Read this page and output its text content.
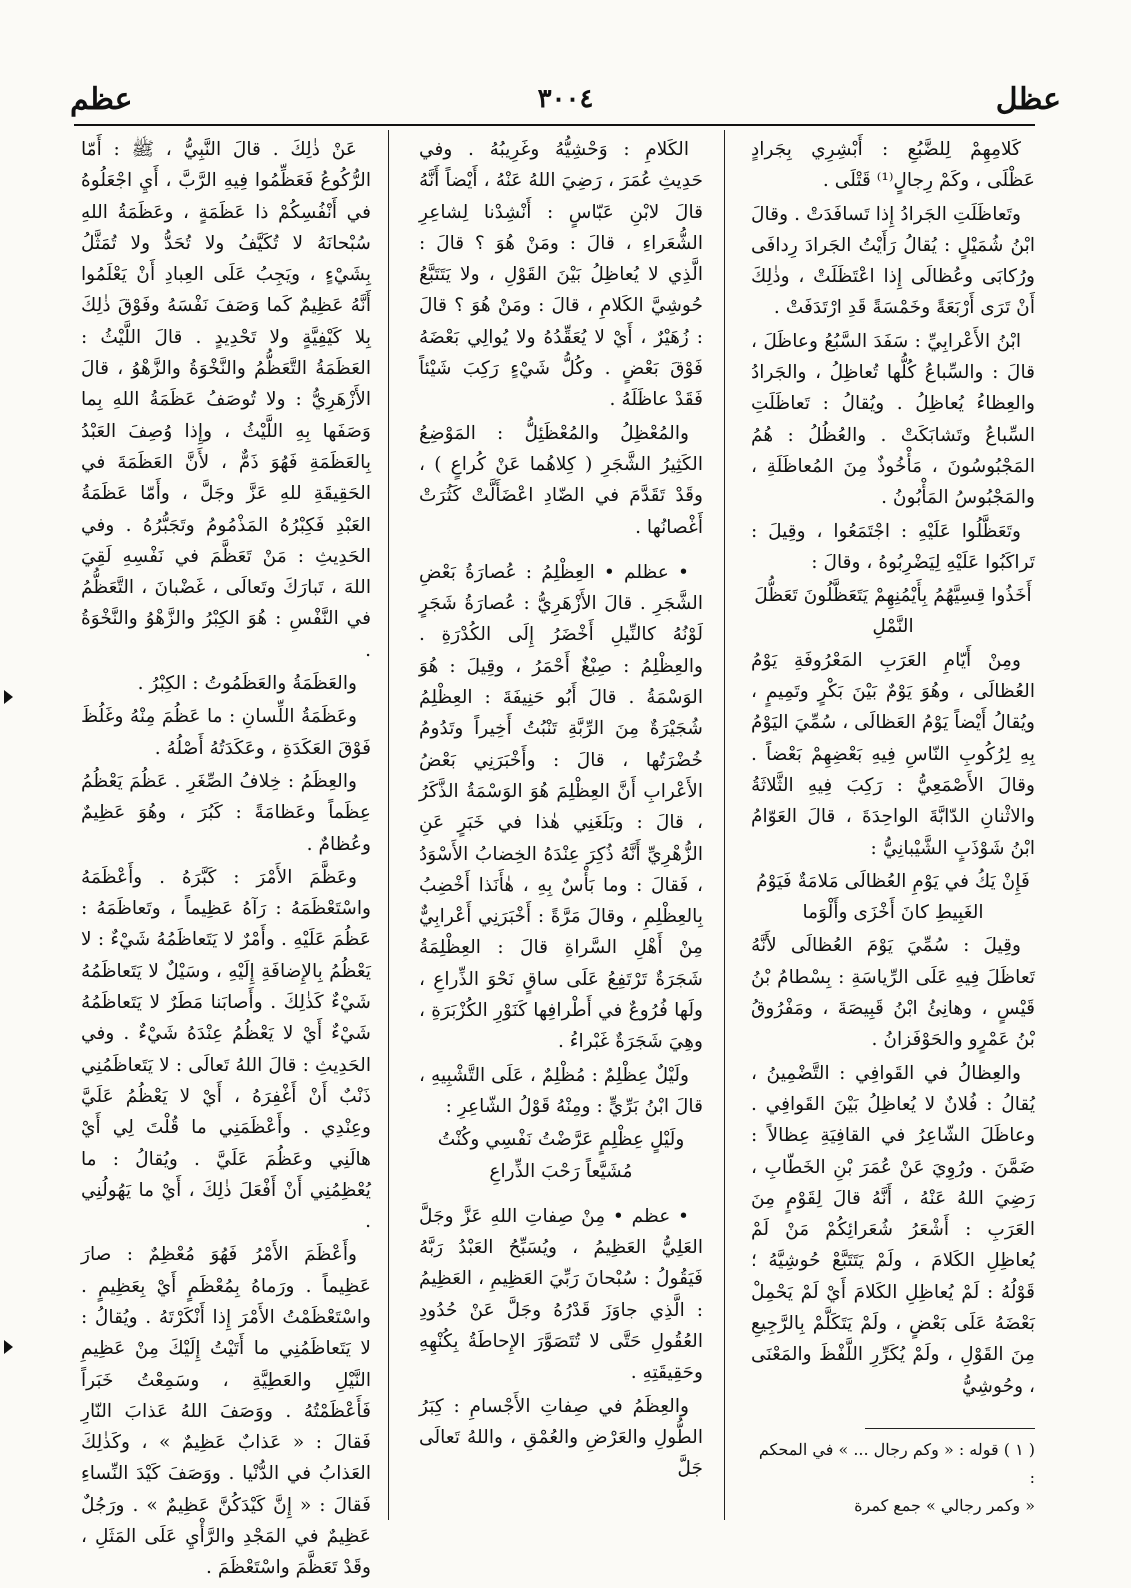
عظل
٣٠٠٤
عظم

كَلامِهِمْ لِلضَّبُعِ : أَبْشِرِي بِجَرادٍ عَظْلَى ، وكَمْ رِجالٍ⁽¹⁾ قَتْلَى .

وتَعاظَلَتِ الجَرادُ إِذا تَسافَدَتْ . وقالَ ابْنُ شُمَيْلٍ : يُقالُ رَأَيْتُ الجَرادَ رِدافَى ورُكابَى وعُظالَى إِذا اعْتَظَلَتْ ، وذٰلِكَ أَنْ تَرَى أَرْبَعَةً وخَمْسَةً قَدِ ارْتَدَفَتْ .

ابْنُ الأَعْرابِيِّ : سَفَدَ السَّبُعُ وعاظَلَ ، قالَ : والسِّباعُ كُلُّها تُعاظِلُ ، والجَرادُ والعِظاءُ يُعاظِلُ . ويُقالُ : تَعاظَلَتِ السِّباعُ وتَشابَكَتْ . والعُظُلُ : هُمُ المَجْبُوسُونَ ، مَأْخُوذٌ مِنَ المُعاظَلَةِ ، والمَجْبُوسُ المَأْبُونُ .

وتَعَظَّلُوا عَلَيْهِ : اجْتَمَعُوا ، وقِيلَ : تَراكَبُوا عَلَيْهِ لِيَضْرِبُوهُ ، وقالَ :

أَخَذُوا قِسِيَّهُمُ بِأَيْمُنِهِمْ يَتَعَظَّلُونَ تَعَظُّلَ النَّمْلِ

ومِنْ أَيّامِ العَرَبِ المَعْرُوفَةِ يَوْمُ العُظالَى ، وهُوَ يَوْمٌ بَيْنَ بَكْرٍ وتَمِيمٍ ، ويُقالُ أَيْضاً يَوْمُ العَظالَى ، سُمِّيَ اليَوْمُ بِهِ لِرُكُوبِ النّاسِ فِيهِ بَعْضِهِمْ بَعْضاً . وقالَ الأَصْمَعِيُّ : رَكِبَ فِيهِ الثَّلاثَةُ والاثْنانِ الدّابَّةَ الواحِدَةَ ، قالَ العَوّامُ ابْنُ شَوْذَبٍ الشَّيْبانِيُّ :

فَإِنْ يَكُ في يَوْمِ العُظالَى مَلامَةٌ فَيَوْمُ الغَبِيطِ كانَ أَخْزَى وأَلْوَما

وقِيلَ : سُمِّيَ يَوْمَ العُظالَى لأَنَّهُ تَعاظَلَ فِيهِ عَلَى الرِّياسَةِ : بِسْطامُ بْنُ قَيْسٍ ، وهانِئُ ابْنُ قَبِيصَةَ ، ومَفْرُوقُ بْنُ عَمْرٍو والحَوْفَزانُ .

والعِظالُ في القَوافِي : التَّضْمِينُ ، يُقالُ : فُلانٌ لا يُعاظِلُ بَيْنَ القَوافِي . وعاظَلَ الشّاعِرُ في القافِيَةِ عِظالاً : ضَمَّنَ . ورُوِيَ عَنْ عُمَرَ بْنِ الخَطّابِ ، رَضِيَ اللهُ عَنْهُ ، أَنَّهُ قالَ لِقَوْمٍ مِنَ العَرَبِ : أَشْعَرُ شُعَرائِكُمْ مَنْ لَمْ يُعاظِلِ الكَلامَ ، ولَمْ يَتَتَبَّعْ حُوشِيَّهُ ؛ قَوْلُهُ : لَمْ يُعاظِلِ الكَلامَ أَيْ لَمْ يَحْمِلْ بَعْضَهُ عَلَى بَعْضٍ ، ولَمْ يَتَكَلَّمْ بِالرَّجِيعِ مِنَ القَوْلِ ، ولَمْ يُكَرِّرِ اللَّفْظَ والمَعْنَى ، وحُوشِيُّ

الكَلامِ : وَحْشِيُّهُ وغَرِيبُهُ . وفي حَدِيثِ عُمَرَ ، رَضِيَ اللهُ عَنْهُ ، أَيْضاً أَنَّهُ قالَ لابْنِ عَبّاسٍ : أَنْشِدْنا لِشاعِرِ الشُّعَراءِ ، قالَ : ومَنْ هُوَ ؟ قالَ : الَّذِي لا يُعاظِلُ بَيْنَ القَوْلِ ، ولا يَتَتَبَّعُ حُوشِيَّ الكَلامِ ، قالَ : ومَنْ هُوَ ؟ قالَ : زُهَيْرٌ ، أَيْ لا يُعَقِّدُهُ ولا يُوالِي بَعْضَهُ فَوْقَ بَعْضٍ . وكُلُّ شَيْءٍ رَكِبَ شَيْئاً فَقَدْ عاظَلَهُ .

والمُعْظِلُ والمُعْظَئِلُّ : المَوْضِعُ الكَثِيرُ الشَّجَرِ ( كِلاهُما عَنْ كُراعٍ ) ، وقَدْ تَقَدَّمَ في الضّادِ اعْضَأَلَّتْ كَثُرَتْ أَغْصانُها .

• عظلم • العِظْلِمُ : عُصارَةُ بَعْضِ الشَّجَرِ . قالَ الأَزْهَرِيُّ : عُصارَةُ شَجَرٍ لَوْنُهُ كالنِّيلِ أَخْضَرُ إِلَى الكُدْرَةِ . والعِظْلِمُ : صِبْغٌ أَحْمَرُ ، وقِيلَ : هُوَ الوَسْمَةُ . قالَ أَبُو حَنِيفَةَ : العِظْلِمُ شُجَيْرَةٌ مِنَ الرِّبَّةِ تَنْبُتُ أَخِيراً وتَدُومُ خُضْرَتُها ، قالَ : وأَخْبَرَنِي بَعْضُ الأَعْرابِ أَنَّ العِظْلِمَ هُوَ الوَسْمَةُ الذَّكَرُ ، قالَ : وبَلَغَنِي هٰذا في خَبَرٍ عَنِ الزُّهْرِيِّ أَنَّهُ ذُكِرَ عِنْدَهُ الخِضابُ الأَسْوَدُ ، فَقالَ : وما بَأْسٌ بِهِ ، هٰأَنَذا أَخْضِبُ بِالعِظْلِمِ ، وقالَ مَرَّةً : أَخْبَرَنِي أَعْرابِيٌّ مِنْ أَهْلِ السَّراةِ قالَ : العِظْلِمَةُ شَجَرَةٌ تَرْتَفِعُ عَلَى ساقٍ نَحْوَ الذِّراعِ ، ولَها فُرُوعٌ في أَطْرافِها كَنَوْرِ الكُزْبَرَةِ ، وهِيَ شَجَرَةٌ غَبْراءُ .

ولَيْلٌ عِظْلِمٌ : مُظْلِمٌ ، عَلَى التَّشْبِيهِ ، قالَ ابْنُ بَرِّيٍّ : ومِنْهُ قَوْلُ الشّاعِرِ :

ولَيْلٍ عِظْلِمٍ عَرَّضْتُ نَفْسِي وكُنْتُ مُشَيَّعاً رَحْبَ الذِّراعِ

• عظم • مِنْ صِفاتِ اللهِ عَزَّ وجَلَّ العَلِيُّ العَظِيمُ ، ويُسَبِّحُ العَبْدُ رَبَّهُ فَيَقُولُ : سُبْحانَ رَبِّيَ العَظِيمِ ، العَظِيمُ : الَّذِي جاوَزَ قَدْرُهُ وجَلَّ عَنْ حُدُودِ العُقُولِ حَتَّى لا تُتَصَوَّرَ الإِحاطَةُ بِكُنْهِهِ وحَقِيقَتِهِ .

والعِظَمُ في صِفاتِ الأَجْسامِ : كِبَرُ الطُّولِ والعَرْضِ والعُمْقِ ، واللهُ تَعالَى جَلَّ

عَنْ ذٰلِكَ . قالَ النَّبِيُّ ، ﷺ : أَمّا الرُّكُوعُ فَعَظِّمُوا فِيهِ الرَّبَّ ، أَيِ اجْعَلُوهُ في أَنْفُسِكُمْ ذا عَظَمَةٍ ، وعَظَمَةُ اللهِ سُبْحانَهُ لا تُكَيَّفُ ولا تُحَدُّ ولا تُمَثَّلُ بِشَيْءٍ ، ويَجِبُ عَلَى العِبادِ أَنْ يَعْلَمُوا أَنَّهُ عَظِيمٌ كَما وَصَفَ نَفْسَهُ وفَوْقَ ذٰلِكَ بِلا كَيْفِيَّةٍ ولا تَحْدِيدٍ . قالَ اللَّيْثُ : العَظَمَةُ التَّعَظُّمُ والنَّخْوَةُ والزَّهْوُ ، قالَ الأَزْهَرِيُّ : ولا تُوصَفُ عَظَمَةُ اللهِ بِما وَصَفَها بِهِ اللَّيْثُ ، وإِذا وُصِفَ العَبْدُ بِالعَظَمَةِ فَهُوَ ذَمٌّ ، لأَنَّ العَظَمَةَ في الحَقِيقَةِ للهِ عَزَّ وجَلَّ ، وأَمّا عَظَمَةُ العَبْدِ فَكِبْرُهُ المَذْمُومُ وتَجَبُّرُهُ . وفي الحَدِيثِ : مَنْ تَعَظَّمَ في نَفْسِهِ لَقِيَ اللهَ ، تَبارَكَ وتَعالَى ، غَضْبانَ ، التَّعَظُّمُ في النَّفْسِ : هُوَ الكِبْرُ والزَّهْوُ والنَّخْوَةُ .

والعَظَمَةُ والعَظَمُوتُ : الكِبْرُ .

وعَظَمَةُ اللِّسانِ : ما عَظُمَ مِنْهُ وغَلُظَ فَوْقَ العَكَدَةِ ، وعَكَدَتُهُ أَصْلُهُ .

والعِظَمُ : خِلافُ الصِّغَرِ . عَظُمَ يَعْظُمُ عِظَماً وعَظامَةً : كَبُرَ ، وهُوَ عَظِيمٌ وعُظامٌ .

وعَظَّمَ الأَمْرَ : كَبَّرَهُ . وأَعْظَمَهُ واسْتَعْظَمَهُ : رَآهُ عَظِيماً ، وتَعاظَمَهُ : عَظُمَ عَلَيْهِ . وأَمْرٌ لا يَتَعاظَمُهُ شَيْءٌ : لا يَعْظُمُ بِالإِضافَةِ إِلَيْهِ ، وسَيْلٌ لا يَتَعاظَمُهُ شَيْءٌ كَذٰلِكَ . وأَصابَنا مَطَرٌ لا يَتَعاظَمُهُ شَيْءٌ أَيْ لا يَعْظُمُ عِنْدَهُ شَيْءٌ . وفي الحَدِيثِ : قالَ اللهُ تَعالَى : لا يَتَعاظَمُنِي ذَنْبٌ أَنْ أَغْفِرَهُ ، أَيْ لا يَعْظُمُ عَلَيَّ وعِنْدِي . وأَعْظَمَنِي ما قُلْتَ لِي أَيْ هالَنِي وعَظُمَ عَلَيَّ . ويُقالُ : ما يُعْظِمُنِي أَنْ أَفْعَلَ ذٰلِكَ ، أَيْ ما يَهُولُنِي .

وأَعْظَمَ الأَمْرُ فَهُوَ مُعْظِمٌ : صارَ عَظِيماً . ورَماهُ بِمُعْظَمٍ أَيْ بِعَظِيمٍ . واسْتَعْظَمْتُ الأَمْرَ إِذا أَنْكَرْتَهُ . ويُقالُ : لا يَتَعاظَمُنِي ما أَتَيْتُ إِلَيْكَ مِنْ عَظِيمِ النَّيْلِ والعَطِيَّةِ ، وسَمِعْتُ خَبَراً فَأَعْظَمْتُهُ . ووَصَفَ اللهُ عَذابَ النّارِ فَقالَ : « عَذابٌ عَظِيمٌ » ، وكَذٰلِكَ العَذابُ في الدُّنْيا . ووَصَفَ كَيْدَ النِّساءِ فَقالَ : « إِنَّ كَيْدَكُنَّ عَظِيمٌ » . ورَجُلٌ عَظِيمٌ في المَجْدِ والرَّأْيِ عَلَى المَثَلِ ، وقَدْ تَعَظَّمَ واسْتَعْظَمَ .

( ١ ) قوله : « وكم رجال ... » في المحكم :
« وكمر رجالي » جمع كمرة
